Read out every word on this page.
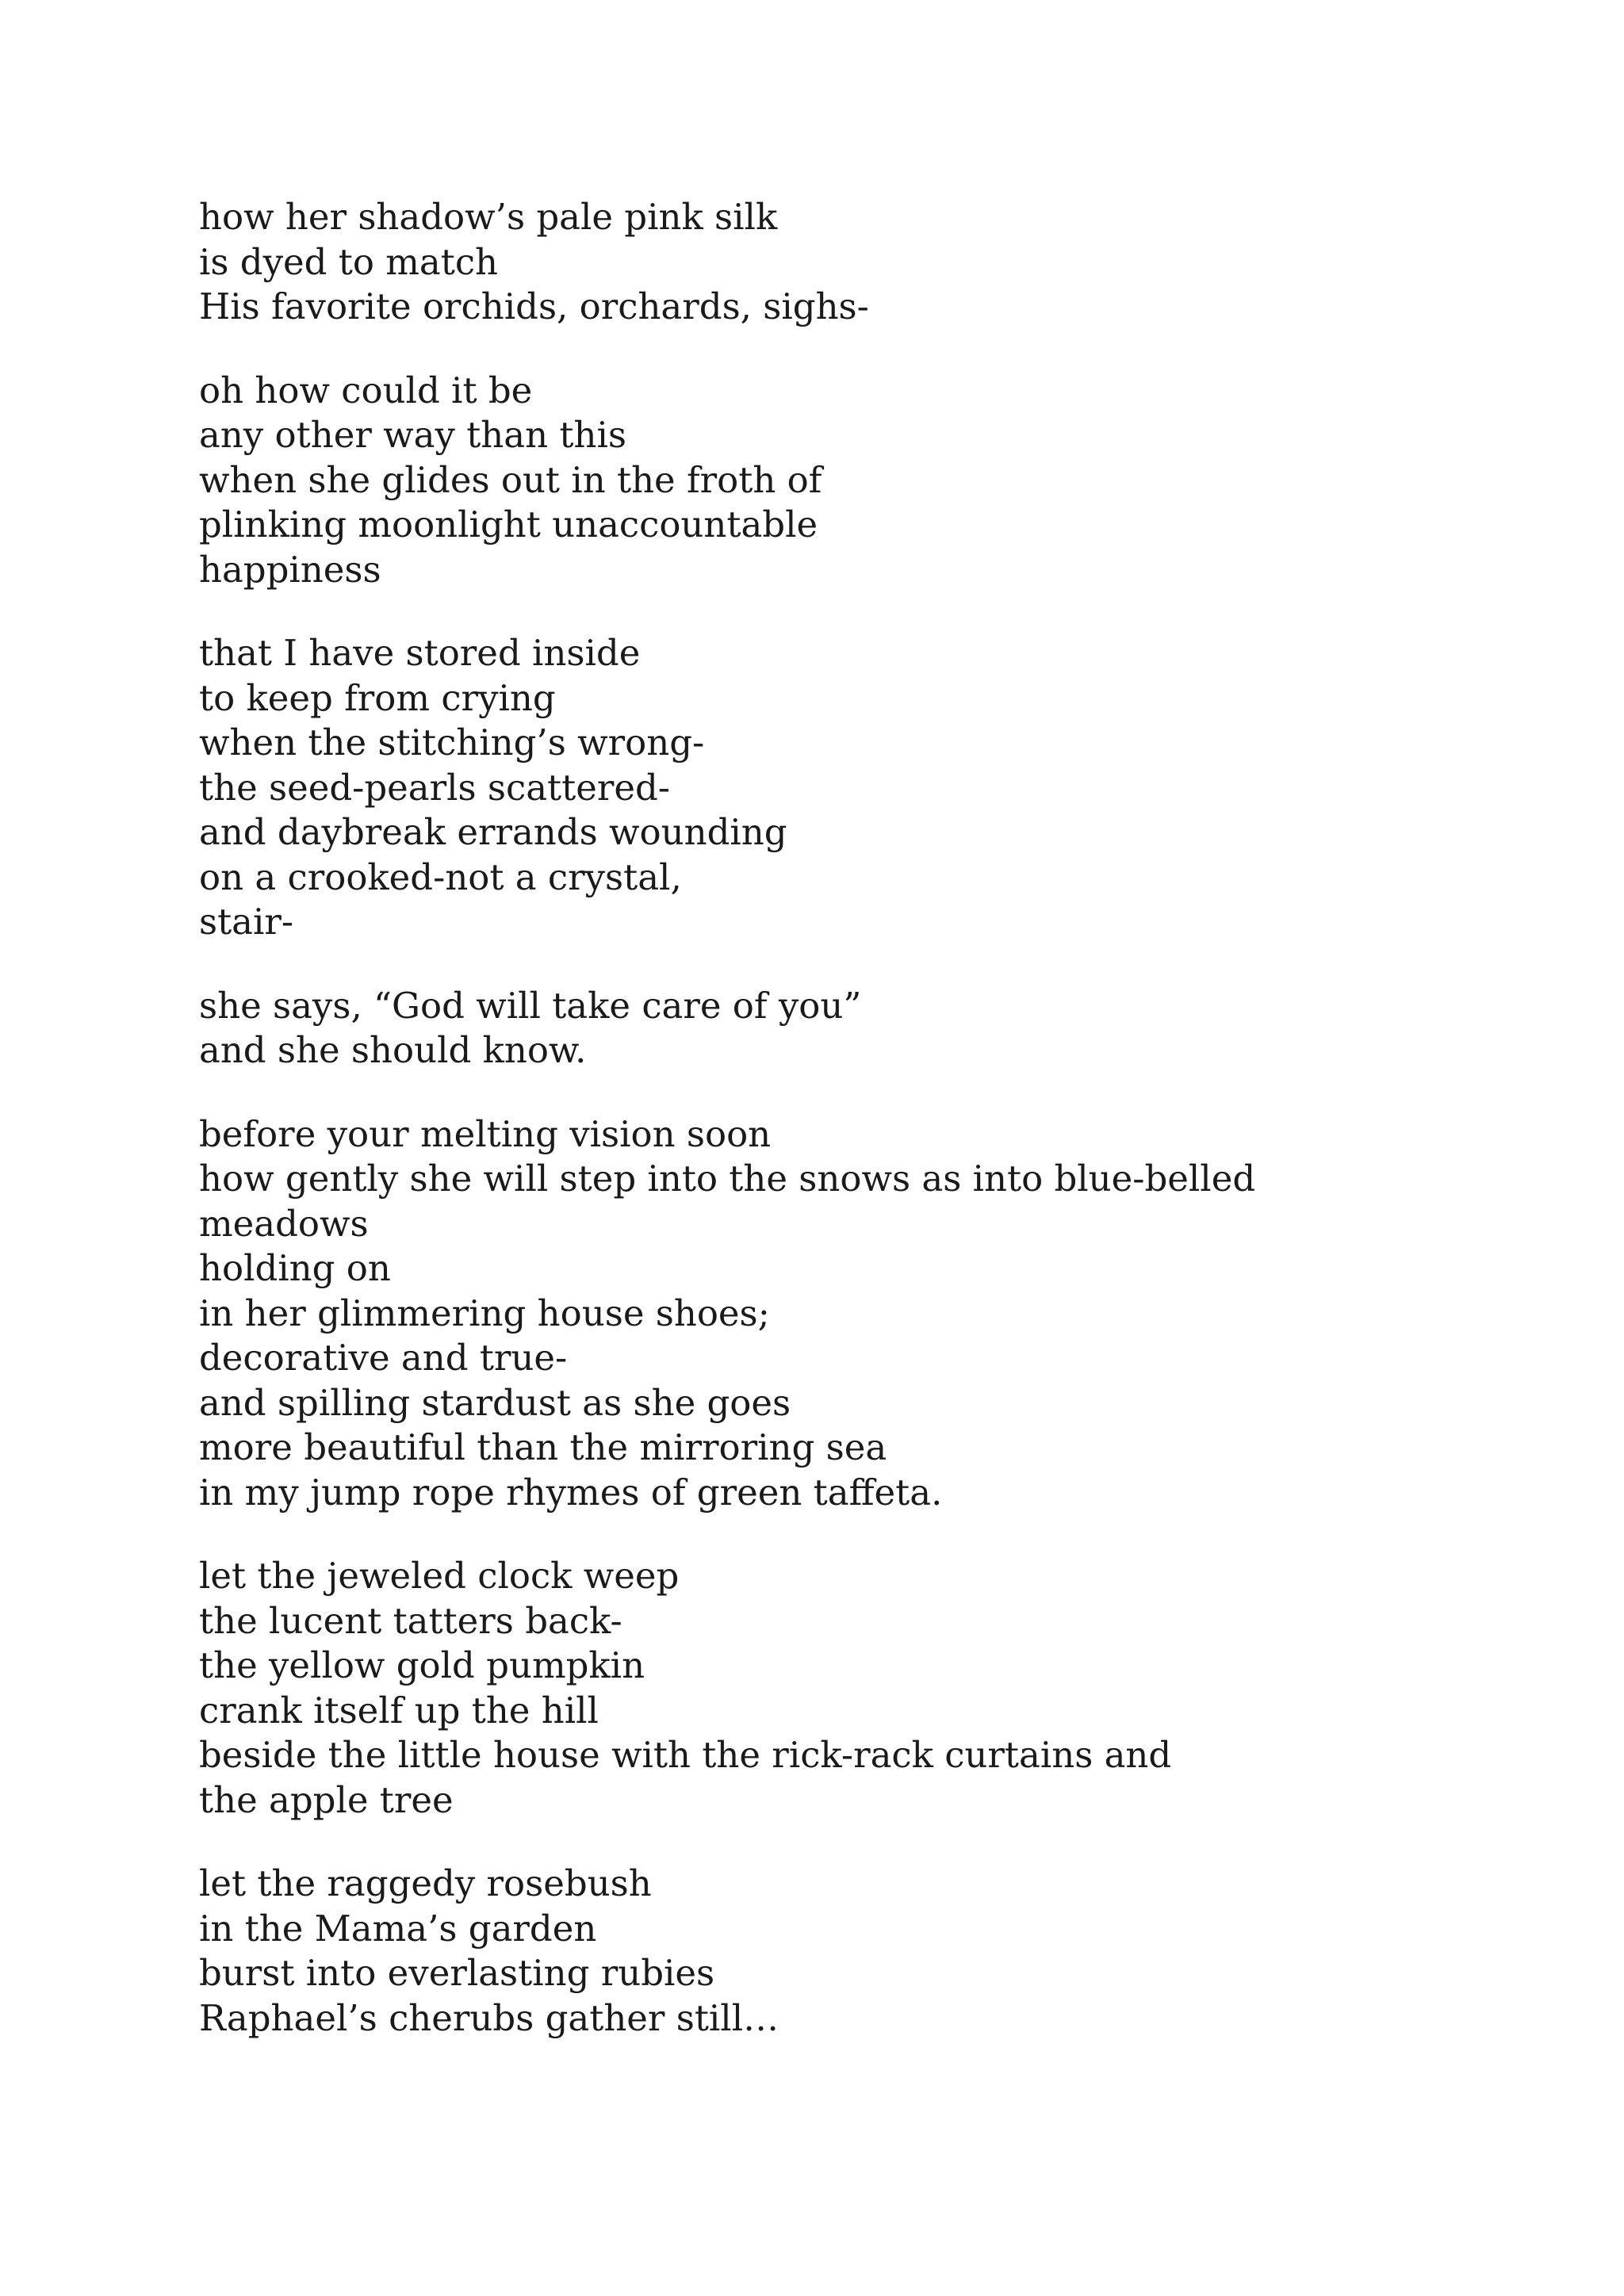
how her shadow’s pale pink silk
is dyed to match
His favorite orchids, orchards, sighs-
oh how could it be
any other way than this
when she glides out in the froth of
plinking moonlight unaccountable
happiness
that I have stored inside
to keep from crying
when the stitching’s wrong-
the seed-pearls scattered-
and daybreak errands wounding
on a crooked-not a crystal,
stair-
she says, “God will take care of you”
and she should know.
before your melting vision soon
how gently she will step into the snows as into blue-belled
meadows
holding on
in her glimmering house shoes;
decorative and true-
and spilling stardust as she goes
more beautiful than the mirroring sea
in my jump rope rhymes of green taffeta.
let the jeweled clock weep
the lucent tatters back-
the yellow gold pumpkin
crank itself up the hill
beside the little house with the rick-rack curtains and
the apple tree
let the raggedy rosebush
in the Mama’s garden
burst into everlasting rubies
Raphael’s cherubs gather still…
